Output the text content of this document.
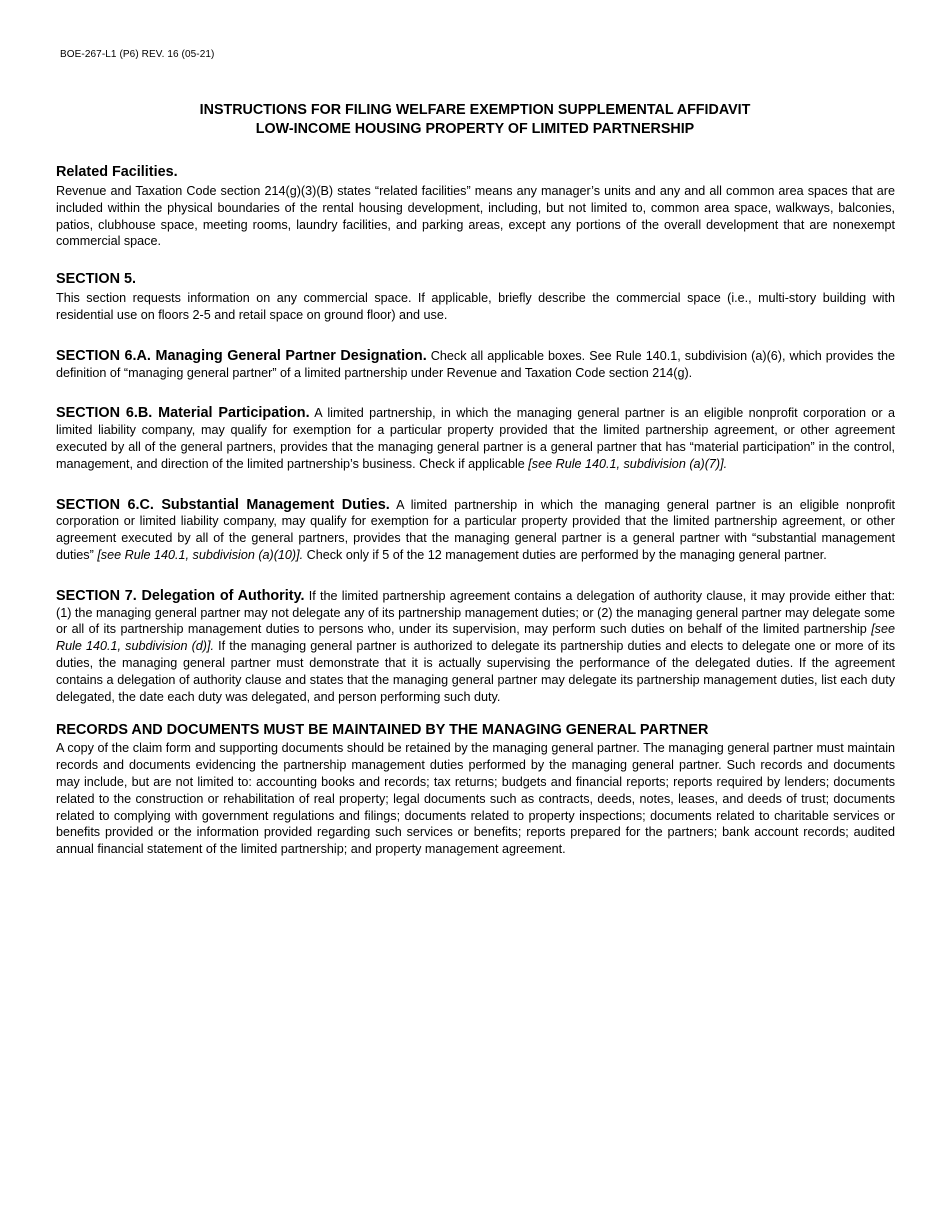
BOE-267-L1 (P6) REV. 16 (05-21)
INSTRUCTIONS FOR FILING WELFARE EXEMPTION SUPPLEMENTAL AFFIDAVIT
LOW-INCOME HOUSING PROPERTY OF LIMITED PARTNERSHIP
Related Facilities.

Revenue and Taxation Code section 214(g)(3)(B) states “related facilities” means any manager’s units and any and all common area spaces that are included within the physical boundaries of the rental housing development, including, but not limited to, common area space, walkways, balconies, patios, clubhouse space, meeting rooms, laundry facilities, and parking areas, except any portions of the overall development that are nonexempt commercial space.

SECTION 5.

This section requests information on any commercial space. If applicable, briefly describe the commercial space (i.e., multi-story building with residential use on floors 2-5 and retail space on ground floor) and use.

SECTION 6.A. Managing General Partner Designation. Check all applicable boxes. See Rule 140.1, subdivision (a)(6), which provides the definition of “managing general partner” of a limited partnership under Revenue and Taxation Code section 214(g).

SECTION 6.B. Material Participation. A limited partnership, in which the managing general partner is an eligible nonprofit corporation or a limited liability company, may qualify for exemption for a particular property provided that the limited partnership agreement, or other agreement executed by all of the general partners, provides that the managing general partner is a general partner that has “material participation” in the control, management, and direction of the limited partnership’s business. Check if applicable [see Rule 140.1, subdivision (a)(7)].

SECTION 6.C. Substantial Management Duties. A limited partnership in which the managing general partner is an eligible nonprofit corporation or limited liability company, may qualify for exemption for a particular property provided that the limited partnership agreement, or other agreement executed by all of the general partners, provides that the managing general partner is a general partner with “substantial management duties” [see Rule 140.1, subdivision (a)(10)]. Check only if 5 of the 12 management duties are performed by the managing general partner.

SECTION 7. Delegation of Authority. If the limited partnership agreement contains a delegation of authority clause, it may provide either that: (1) the managing general partner may not delegate any of its partnership management duties; or (2) the managing general partner may delegate some or all of its partnership management duties to persons who, under its supervision, may perform such duties on behalf of the limited partnership [see Rule 140.1, subdivision (d)]. If the managing general partner is authorized to delegate its partnership duties and elects to delegate one or more of its duties, the managing general partner must demonstrate that it is actually supervising the performance of the delegated duties. If the agreement contains a delegation of authority clause and states that the managing general partner may delegate its partnership management duties, list each duty delegated, the date each duty was delegated, and person performing such duty.

RECORDS AND DOCUMENTS MUST BE MAINTAINED BY THE MANAGING GENERAL PARTNER

A copy of the claim form and supporting documents should be retained by the managing general partner. The managing general partner must maintain records and documents evidencing the partnership management duties performed by the managing general partner. Such records and documents may include, but are not limited to: accounting books and records; tax returns; budgets and financial reports; reports required by lenders; documents related to the construction or rehabilitation of real property; legal documents such as contracts, deeds, notes, leases, and deeds of trust; documents related to complying with government regulations and filings; documents related to property inspections; documents related to charitable services or benefits provided or the information provided regarding such services or benefits; reports prepared for the partners; bank account records; audited annual financial statement of the limited partnership; and property management agreement.
